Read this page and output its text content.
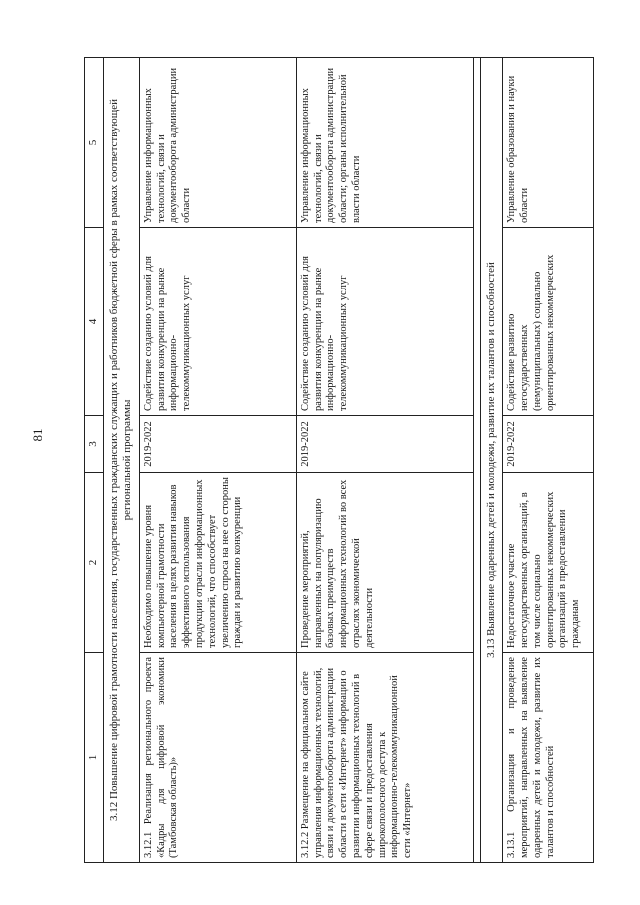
81
1	2	3	4	5
3.12 Повышение цифровой грамотности населения, государственных гражданских служащих и работников бюджетной сферы в рамках соответствующей региональной программы				
3.12.1 Реализация регионального проекта «Кадры для цифровой экономики (Тамбовская область)»	Необходимо повышение уровня компьютерной грамотности населения в целях развития навыков эффективного использования продукции отрасли информационных технологий, что способствует увеличению спроса на нее со стороны граждан и развитию конкуренции	2019-2022	Содействие созданию условий для развития конкуренции на рынке информационно-телекоммуникационных услуг	Управление информационных технологий, связи и документооборота администрации области
3.12.2 Размещение на официальном сайте управления информационных технологий, связи и документооборота администрации области в сети «Интернет» информации о развитии информационных технологий в сфере связи и предоставления широкополосного доступа к информационно-телекоммуникационной сети «Интернет»	Проведение мероприятий, направленных на популяризацию базовых преимуществ информационных технологий во всех отраслях экономической деятельности	2019-2022	Содействие созданию условий для развития конкуренции на рынке информационно-телекоммуникационных услуг	Управление информационных технологий, связи и документооборота администрации области; органы исполнительной власти области

3.13 Выявление одаренных детей и молодежи, развитие их талантов и способностей				
3.13.1 Организация и проведение мероприятий, направленных на выявление одаренных детей и молодежи, развитие их талантов и способностей	Недостаточное участие негосударственных организаций, в том числе социально ориентированных некоммерческих организаций в предоставлении гражданам	2019-2022	Содействие развитию негосударственных (немуниципальных) социально ориентированных некоммерческих	Управление образования и науки области
